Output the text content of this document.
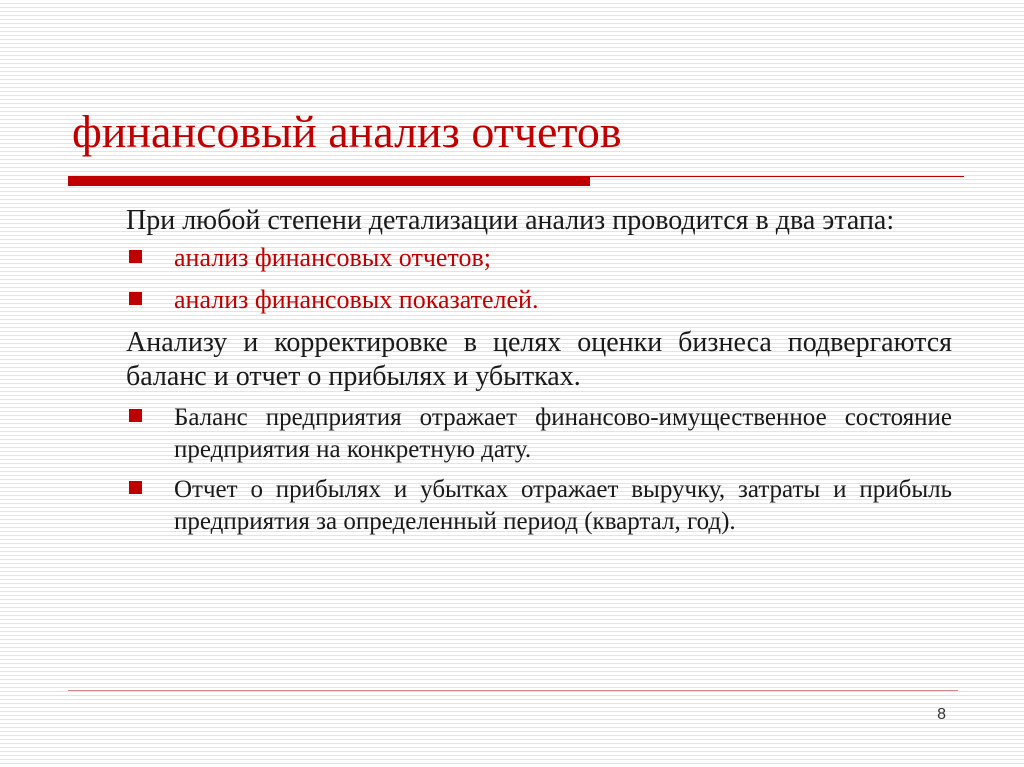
финансовый анализ отчетов

При любой степени детализации анализ проводится в два этапа:

анализ финансовых отчетов;
анализ финансовых показателей.

Анализу и корректировке в целях оценки бизнеса подвергаются баланс и отчет о прибылях и убытках.

Баланс предприятия отражает финансово-имущественное состояние предприятия на конкретную дату.
Отчет о прибылях и убытках отражает выручку, затраты и прибыль предприятия за определенный период (квартал, год).
8
